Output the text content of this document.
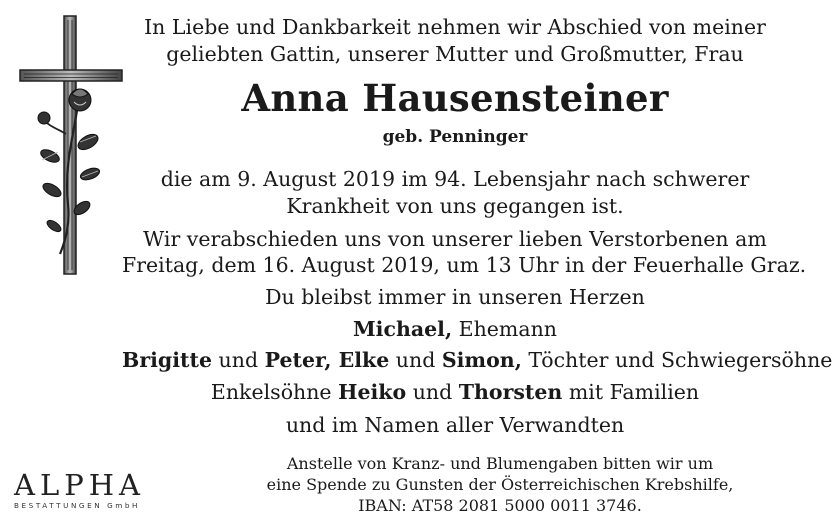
In Liebe und Dankbarkeit nehmen wir Abschied von meiner
geliebten Gattin, unserer Mutter und Großmutter, Frau
Anna Hausensteiner
geb. Penninger
die am 9. August 2019 im 94. Lebensjahr nach schwerer
Krankheit von uns gegangen ist.
Wir verabschieden uns von unserer lieben Verstorbenen am
Freitag, dem 16. August 2019, um 13 Uhr in der Feuerhalle Graz.
Du bleibst immer in unseren Herzen
Michael, Ehemann
Brigitte und Peter, Elke und Simon, Töchter und Schwiegersöhne
Enkelsöhne Heiko und Thorsten mit Familien
und im Namen aller Verwandten
Anstelle von Kranz- und Blumengaben bitten wir um
eine Spende zu Gunsten der Österreichischen Krebshilfe,
IBAN: AT58 2081 5000 0011 3746.
ALPHA
BESTATTUNGEN GmbH
